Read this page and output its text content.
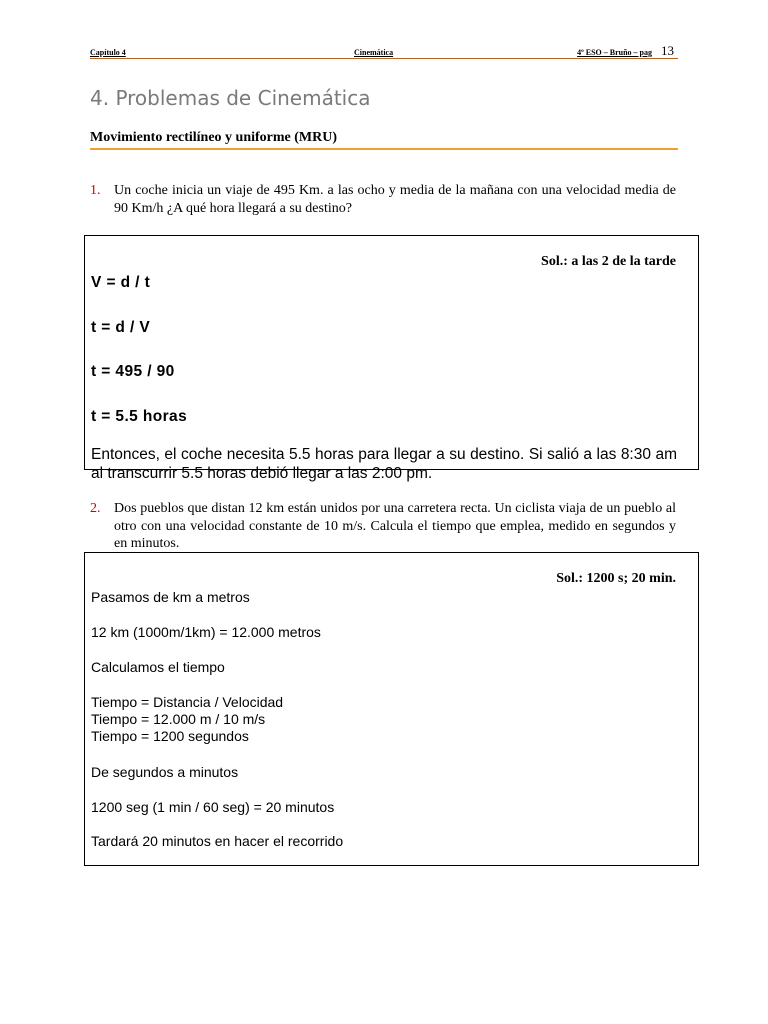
Capítulo 4	Cinemática	4º ESO – Bruño – pag 13
4. Problemas de Cinemática
Movimiento rectilíneo y uniforme (MRU)
1. Un coche inicia un viaje de 495 Km. a las ocho y media de la mañana con una velocidad media de 90 Km/h ¿A qué hora llegará a su destino?
Sol.: a las 2 de la tarde
V = d / t
t = d / V
t = 495 / 90
t = 5.5 horas
Entonces, el coche necesita 5.5 horas para llegar a su destino. Si salió a las 8:30 am al transcurrir 5.5 horas debió llegar a las 2:00 pm.
2. Dos pueblos que distan 12 km están unidos por una carretera recta. Un ciclista viaja de un pueblo al otro con una velocidad constante de 10 m/s. Calcula el tiempo que emplea, medido en segundos y en minutos.
Sol.: 1200 s; 20 min.
Pasamos de km a metros
12 km (1000m/1km) = 12.000 metros
Calculamos el tiempo
Tiempo = Distancia / Velocidad
Tiempo = 12.000 m / 10 m/s
Tiempo = 1200 segundos
De segundos a minutos
1200 seg (1 min / 60 seg) = 20 minutos
Tardará 20 minutos en hacer el recorrido
